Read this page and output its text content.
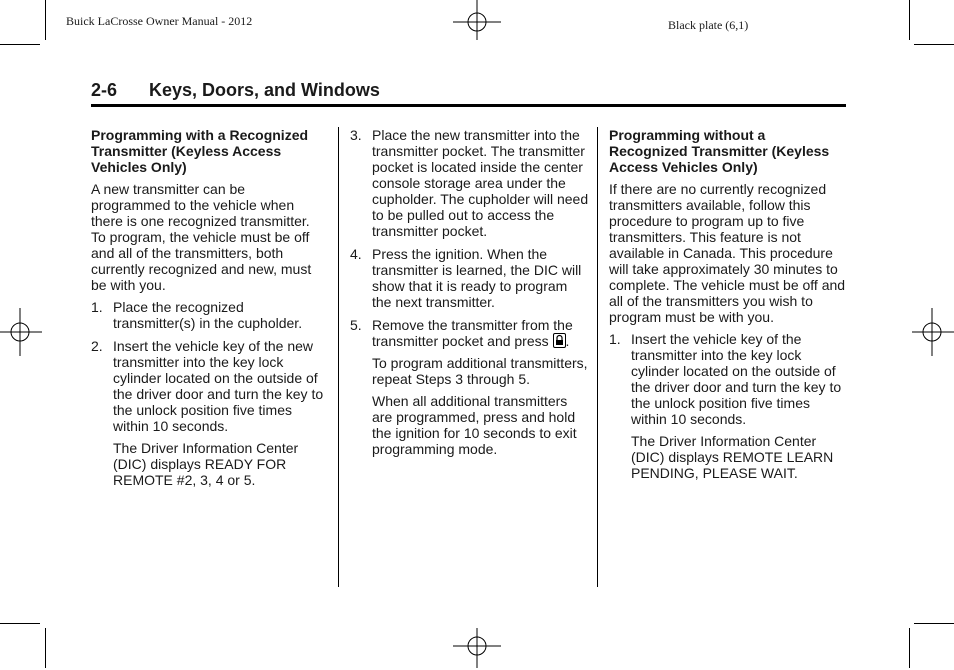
Buick LaCrosse Owner Manual - 2012	Black plate (6,1)
2-6 Keys, Doors, and Windows

Programming with a Recognized Transmitter (Keyless Access Vehicles Only)

A new transmitter can be programmed to the vehicle when there is one recognized transmitter. To program, the vehicle must be off and all of the transmitters, both currently recognized and new, must be with you.

1. Place the recognized transmitter(s) in the cupholder.
2. Insert the vehicle key of the new transmitter into the key lock cylinder located on the outside of the driver door and turn the key to the unlock position five times within 10 seconds.
The Driver Information Center (DIC) displays READY FOR REMOTE #2, 3, 4 or 5.
3. Place the new transmitter into the transmitter pocket. The transmitter pocket is located inside the center console storage area under the cupholder. The cupholder will need to be pulled out to access the transmitter pocket.
4. Press the ignition. When the transmitter is learned, the DIC will show that it is ready to program the next transmitter.
5. Remove the transmitter from the transmitter pocket and press .
To program additional transmitters, repeat Steps 3 through 5.
When all additional transmitters are programmed, press and hold the ignition for 10 seconds to exit programming mode.

Programming without a Recognized Transmitter (Keyless Access Vehicles Only)

If there are no currently recognized transmitters available, follow this procedure to program up to five transmitters. This feature is not available in Canada. This procedure will take approximately 30 minutes to complete. The vehicle must be off and all of the transmitters you wish to program must be with you.

1. Insert the vehicle key of the transmitter into the key lock cylinder located on the outside of the driver door and turn the key to the unlock position five times within 10 seconds.
The Driver Information Center (DIC) displays REMOTE LEARN PENDING, PLEASE WAIT.
